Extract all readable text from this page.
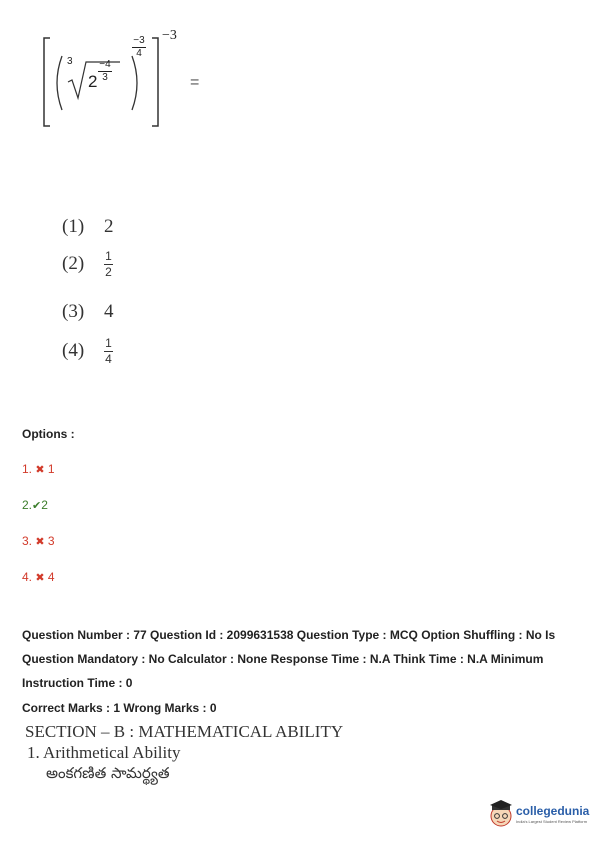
3
2
−4
3
−3
4
−3
=
(1) 2
$(2) \frac{1}{2}$
(3) 4
$(4) \frac{1}{4}$
Options :
1. ✖ 1
2.✔2
3. ✖ 3
4. ✖ 4
Question Number : 77 Question Id : 2099631538 Question Type : MCQ Option Shuffling : No Is
Question Mandatory : No Calculator : None Response Time : N.A Think Time : N.A Minimum
Instruction Time : 0
Correct Marks : 1 Wrong Marks : 0
SECTION – B : MATHEMATICAL ABILITY
1. Arithmetical Ability
అంకగణిత సామర్థ్యత
collegedunia
India's Largest Student Review Platform
